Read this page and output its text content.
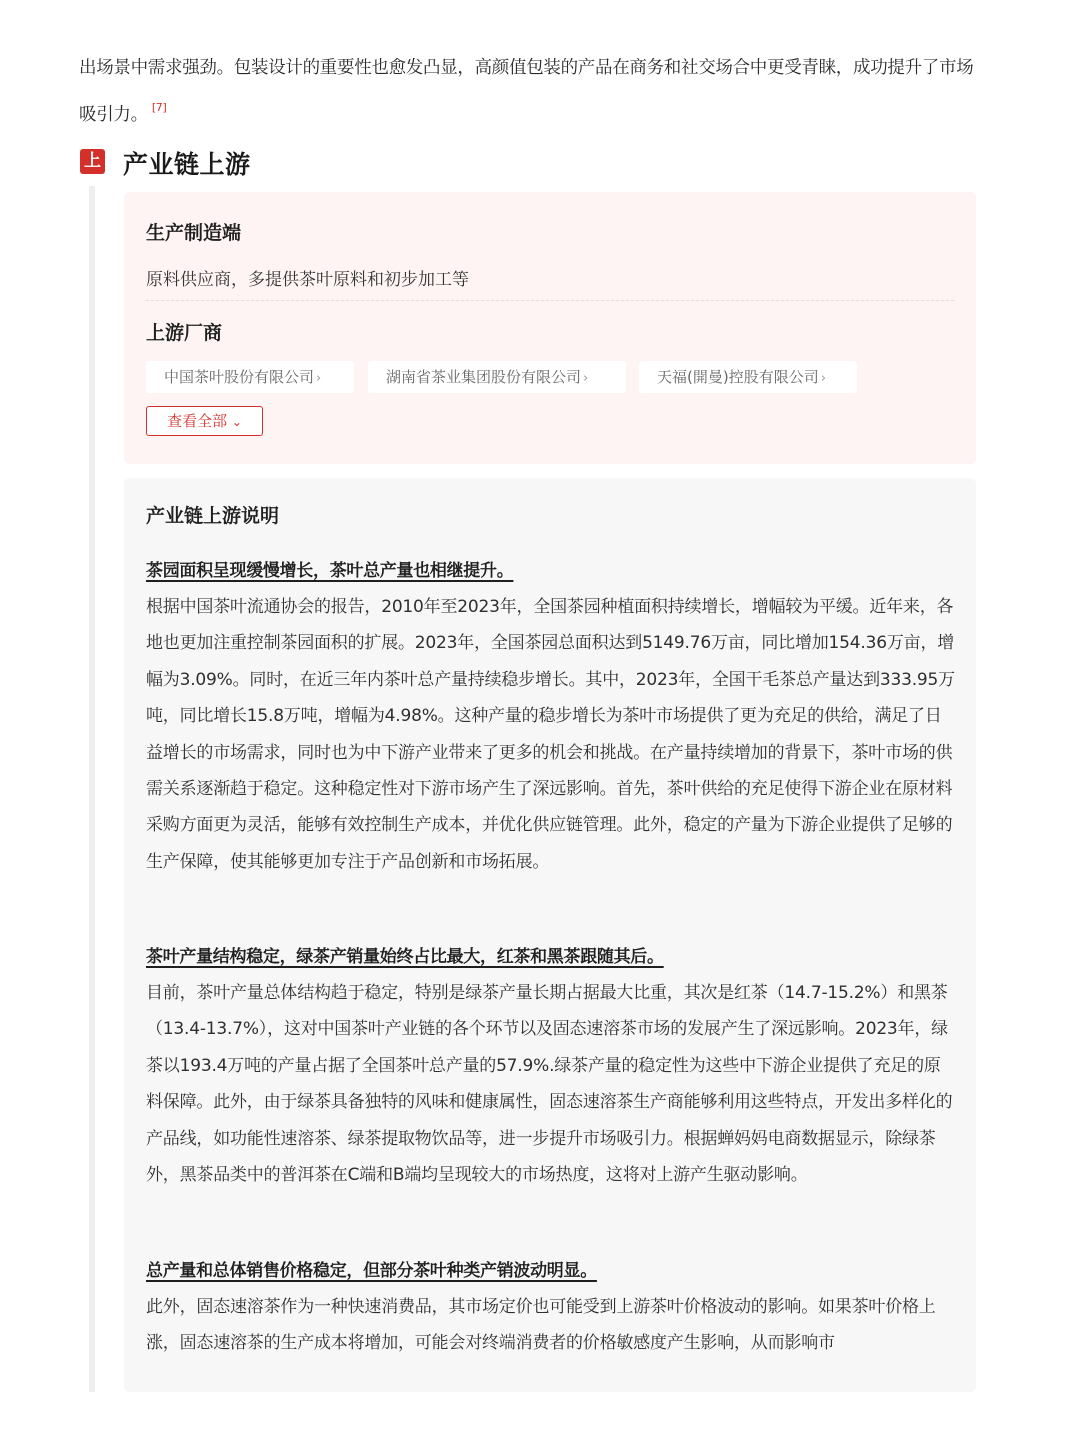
出场景中需求强劲。包装设计的重要性也愈发凸显，高颜值包装的产品在商务和社交场合中更受青睐，成功提升了市场吸引力。 [7]
上 产业链上游
生产制造端
原料供应商，多提供茶叶原料和初步加工等
上游厂商
中国茶叶股份有限公司 ›	湖南省茶业集团股份有限公司 ›	天福(開曼)控股有限公司 ›
查看全部 ⌄
产业链上游说明
茶园面积呈现缓慢增长，茶叶总产量也相继提升。
根据中国茶叶流通协会的报告，2010年至2023年，全国茶园种植面积持续增长，增幅较为平缓。近年来，各地也更加注重控制茶园面积的扩展。2023年，全国茶园总面积达到5149.76万亩，同比增加154.36万亩，增幅为3.09%。同时，在近三年内茶叶总产量持续稳步增长。其中，2023年，全国干毛茶总产量达到333.95万吨，同比增长15.8万吨，增幅为4.98%。这种产量的稳步增长为茶叶市场提供了更为充足的供给，满足了日益增长的市场需求，同时也为中下游产业带来了更多的机会和挑战。在产量持续增加的背景下，茶叶市场的供需关系逐渐趋于稳定。这种稳定性对下游市场产生了深远影响。首先，茶叶供给的充足使得下游企业在原材料采购方面更为灵活，能够有效控制生产成本，并优化供应链管理。此外，稳定的产量为下游企业提供了足够的生产保障，使其能够更加专注于产品创新和市场拓展。
茶叶产量结构稳定，绿茶产销量始终占比最大，红茶和黑茶跟随其后。
目前，茶叶产量总体结构趋于稳定，特别是绿茶产量长期占据最大比重，其次是红茶（14.7-15.2%）和黑茶（13.4-13.7%），这对中国茶叶产业链的各个环节以及固态速溶茶市场的发展产生了深远影响。2023年，绿茶以193.4万吨的产量占据了全国茶叶总产量的57.9%.绿茶产量的稳定性为这些中下游企业提供了充足的原料保障。此外，由于绿茶具备独特的风味和健康属性，固态速溶茶生产商能够利用这些特点，开发出多样化的产品线，如功能性速溶茶、绿茶提取物饮品等，进一步提升市场吸引力。根据蝉妈妈电商数据显示，除绿茶外，黑茶品类中的普洱茶在C端和B端均呈现较大的市场热度，这将对上游产生驱动影响。
总产量和总体销售价格稳定，但部分茶叶种类产销波动明显。
此外，固态速溶茶作为一种快速消费品，其市场定价也可能受到上游茶叶价格波动的影响。如果茶叶价格上涨，固态速溶茶的生产成本将增加，可能会对终端消费者的价格敏感度产生影响，从而影响市
